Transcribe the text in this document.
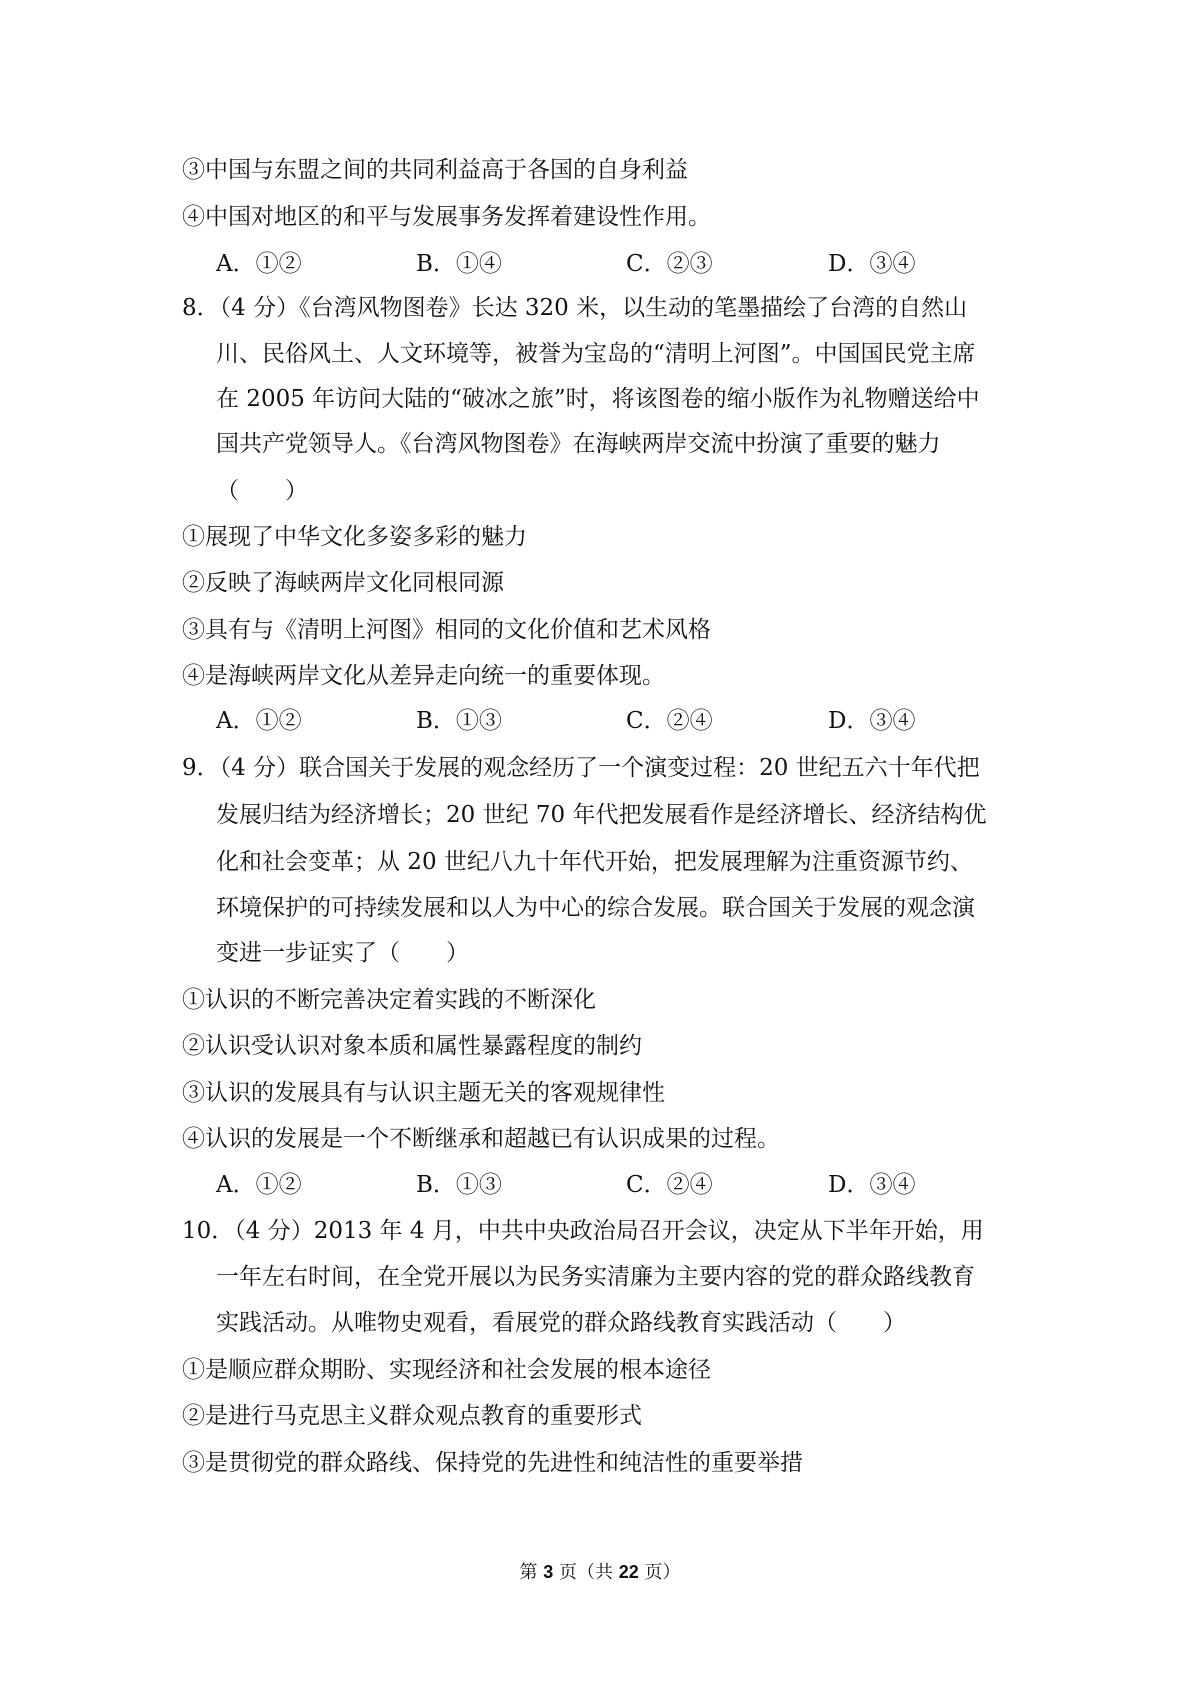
③中国与东盟之间的共同利益高于各国的自身利益
④中国对地区的和平与发展事务发挥着建设性作用。
A．①②	B．①④	C．②③	D．③④
8．（4 分）《台湾风物图卷》长达 320 米，以生动的笔墨描绘了台湾的自然山
川、民俗风土、人文环境等，被誉为宝岛的“清明上河图”。中国国民党主席
在 2005 年访问大陆的“破冰之旅”时，将该图卷的缩小版作为礼物赠送给中
国共产党领导人。《台湾风物图卷》在海峡两岸交流中扮演了重要的魅力
（　　）
①展现了中华文化多姿多彩的魅力
②反映了海峡两岸文化同根同源
③具有与《清明上河图》相同的文化价值和艺术风格
④是海峡两岸文化从差异走向统一的重要体现。
A．①②	B．①③	C．②④	D．③④
9．（4 分）联合国关于发展的观念经历了一个演变过程：20 世纪五六十年代把
发展归结为经济增长；20 世纪 70 年代把发展看作是经济增长、经济结构优
化和社会变革；从 20 世纪八九十年代开始，把发展理解为注重资源节约、
环境保护的可持续发展和以人为中心的综合发展。联合国关于发展的观念演
变进一步证实了（　　）
①认识的不断完善决定着实践的不断深化
②认识受认识对象本质和属性暴露程度的制约
③认识的发展具有与认识主题无关的客观规律性
④认识的发展是一个不断继承和超越已有认识成果的过程。
A．①②	B．①③	C．②④	D．③④
10．（4 分）2013 年 4 月，中共中央政治局召开会议，决定从下半年开始，用
一年左右时间，在全党开展以为民务实清廉为主要内容的党的群众路线教育
实践活动。从唯物史观看，看展党的群众路线教育实践活动（　　）
①是顺应群众期盼、实现经济和社会发展的根本途径
②是进行马克思主义群众观点教育的重要形式
③是贯彻党的群众路线、保持党的先进性和纯洁性的重要举措
第 3 页（共 22 页）
